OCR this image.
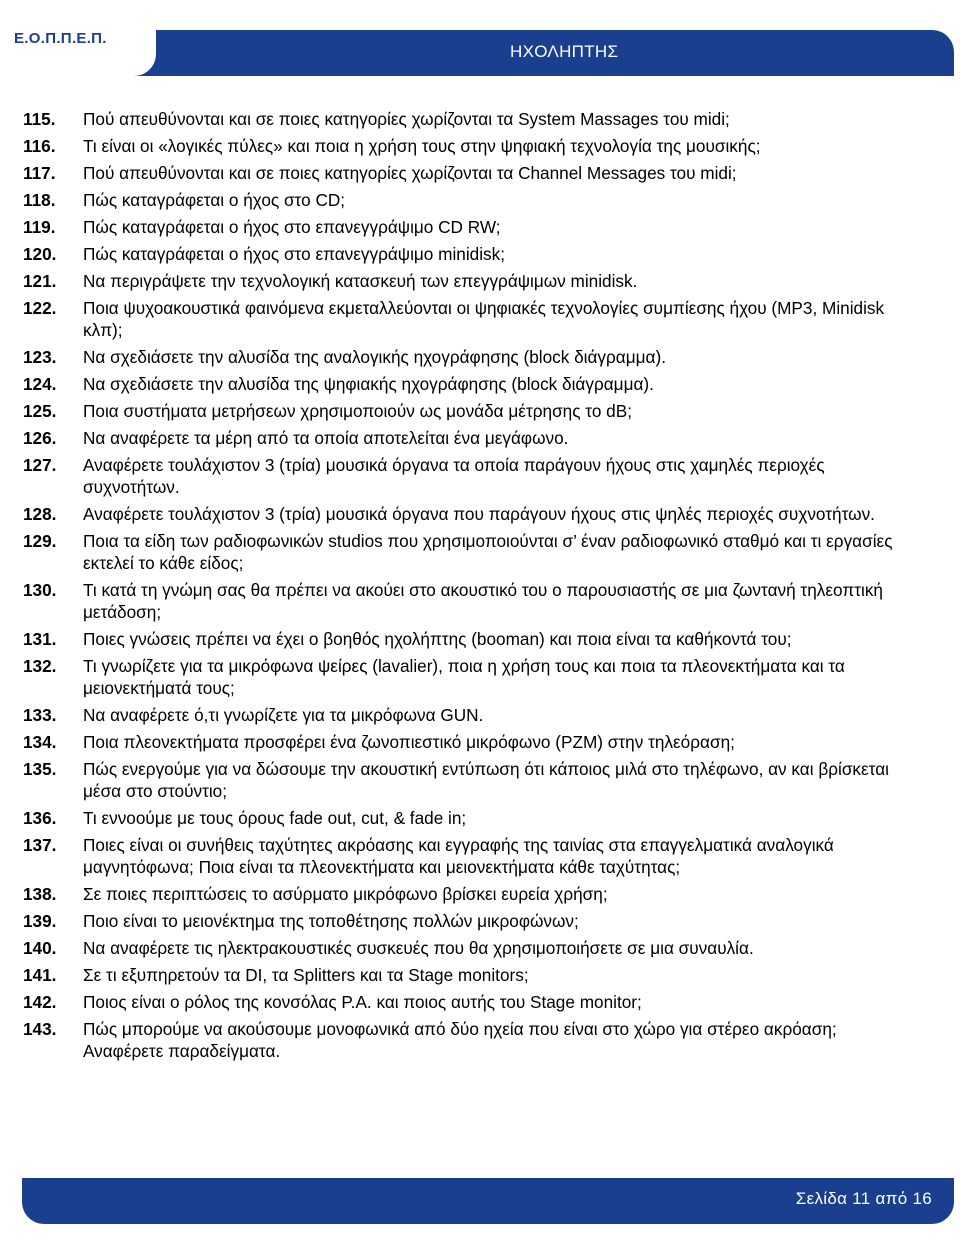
Ε.Ο.Π.Π.Ε.Π.
ΗΧΟΛΗΠΤΗΣ
115.	Πού απευθύνονται και σε ποιες κατηγορίες χωρίζονται τα System Massages του midi;
116.	Τι είναι οι «λογικές πύλες» και ποια η χρήση τους στην ψηφιακή τεχνολογία της μουσικής;
117.	Πού απευθύνονται και σε ποιες κατηγορίες χωρίζονται τα Channel Messages του midi;
118.	Πώς καταγράφεται ο ήχος στο CD;
119.	Πώς καταγράφεται ο ήχος στο επανεγγράψιμο CD RW;
120.	Πώς καταγράφεται ο ήχος στο επανεγγράψιμο minidisk;
121.	Να περιγράψετε την τεχνολογική κατασκευή των επεγγράψιμων minidisk.
122.	Ποια ψυχοακουστικά φαινόμενα εκμεταλλεύονται οι ψηφιακές τεχνολογίες συμπίεσης ήχου (MP3, Minidisk κλπ);
123.	Να σχεδιάσετε την αλυσίδα της αναλογικής ηχογράφησης (block διάγραμμα).
124.	Να σχεδιάσετε την αλυσίδα της ψηφιακής ηχογράφησης (block διάγραμμα).
125.	Ποια συστήματα μετρήσεων χρησιμοποιούν ως μονάδα μέτρησης το dB;
126.	Να αναφέρετε τα μέρη από τα οποία αποτελείται ένα μεγάφωνο.
127.	Αναφέρετε τουλάχιστον 3 (τρία) μουσικά όργανα τα οποία παράγουν ήχους στις χαμηλές περιοχές συχνοτήτων.
128.	Αναφέρετε τουλάχιστον 3 (τρία) μουσικά όργανα που παράγουν ήχους στις ψηλές περιοχές συχνοτήτων.
129.	Ποια τα είδη των ραδιοφωνικών studios που χρησιμοποιούνται σ’ έναν ραδιοφωνικό σταθμό και τι εργασίες εκτελεί το κάθε είδος;
130.	Τι κατά τη γνώμη σας θα πρέπει να ακούει στο ακουστικό του ο παρουσιαστής σε μια ζωντανή τηλεοπτική μετάδοση;
131.	Ποιες γνώσεις πρέπει να έχει ο βοηθός ηχολήπτης (booman) και ποια είναι τα καθήκοντά του;
132.	Τι γνωρίζετε για τα μικρόφωνα ψείρες (lavalier), ποια η χρήση τους και ποια τα πλεονεκτήματα και τα μειονεκτήματά τους;
133.	Να αναφέρετε ό,τι γνωρίζετε για τα μικρόφωνα GUN.
134.	Ποια πλεονεκτήματα προσφέρει ένα ζωνοπιεστικό μικρόφωνο (PZM) στην τηλεόραση;
135.	Πώς ενεργούμε για να δώσουμε την ακουστική εντύπωση ότι κάποιος μιλά στο τηλέφωνο, αν και βρίσκεται μέσα στο στούντιο;
136.	Τι εννοούμε με τους όρους fade out, cut, & fade in;
137.	Ποιες είναι οι συνήθεις ταχύτητες ακρόασης και εγγραφής της ταινίας στα επαγγελματικά αναλογικά μαγνητόφωνα; Ποια είναι τα πλεονεκτήματα και μειονεκτήματα κάθε ταχύτητας;
138.	Σε ποιες περιπτώσεις το ασύρματο μικρόφωνο βρίσκει ευρεία χρήση;
139.	Ποιο είναι το μειονέκτημα της τοποθέτησης πολλών μικροφώνων;
140.	Να αναφέρετε τις ηλεκτρακουστικές συσκευές που θα χρησιμοποιήσετε σε μια συναυλία.
141.	Σε τι εξυπηρετούν τα DI, τα Splitters και τα Stage monitors;
142.	Ποιος είναι ο ρόλος της κονσόλας P.A. και ποιος αυτής του Stage monitor;
143.	Πώς μπορούμε να ακούσουμε μονοφωνικά από δύο ηχεία που είναι στο χώρο για στέρεο ακρόαση; Αναφέρετε παραδείγματα.
Σελίδα 11 από 16
